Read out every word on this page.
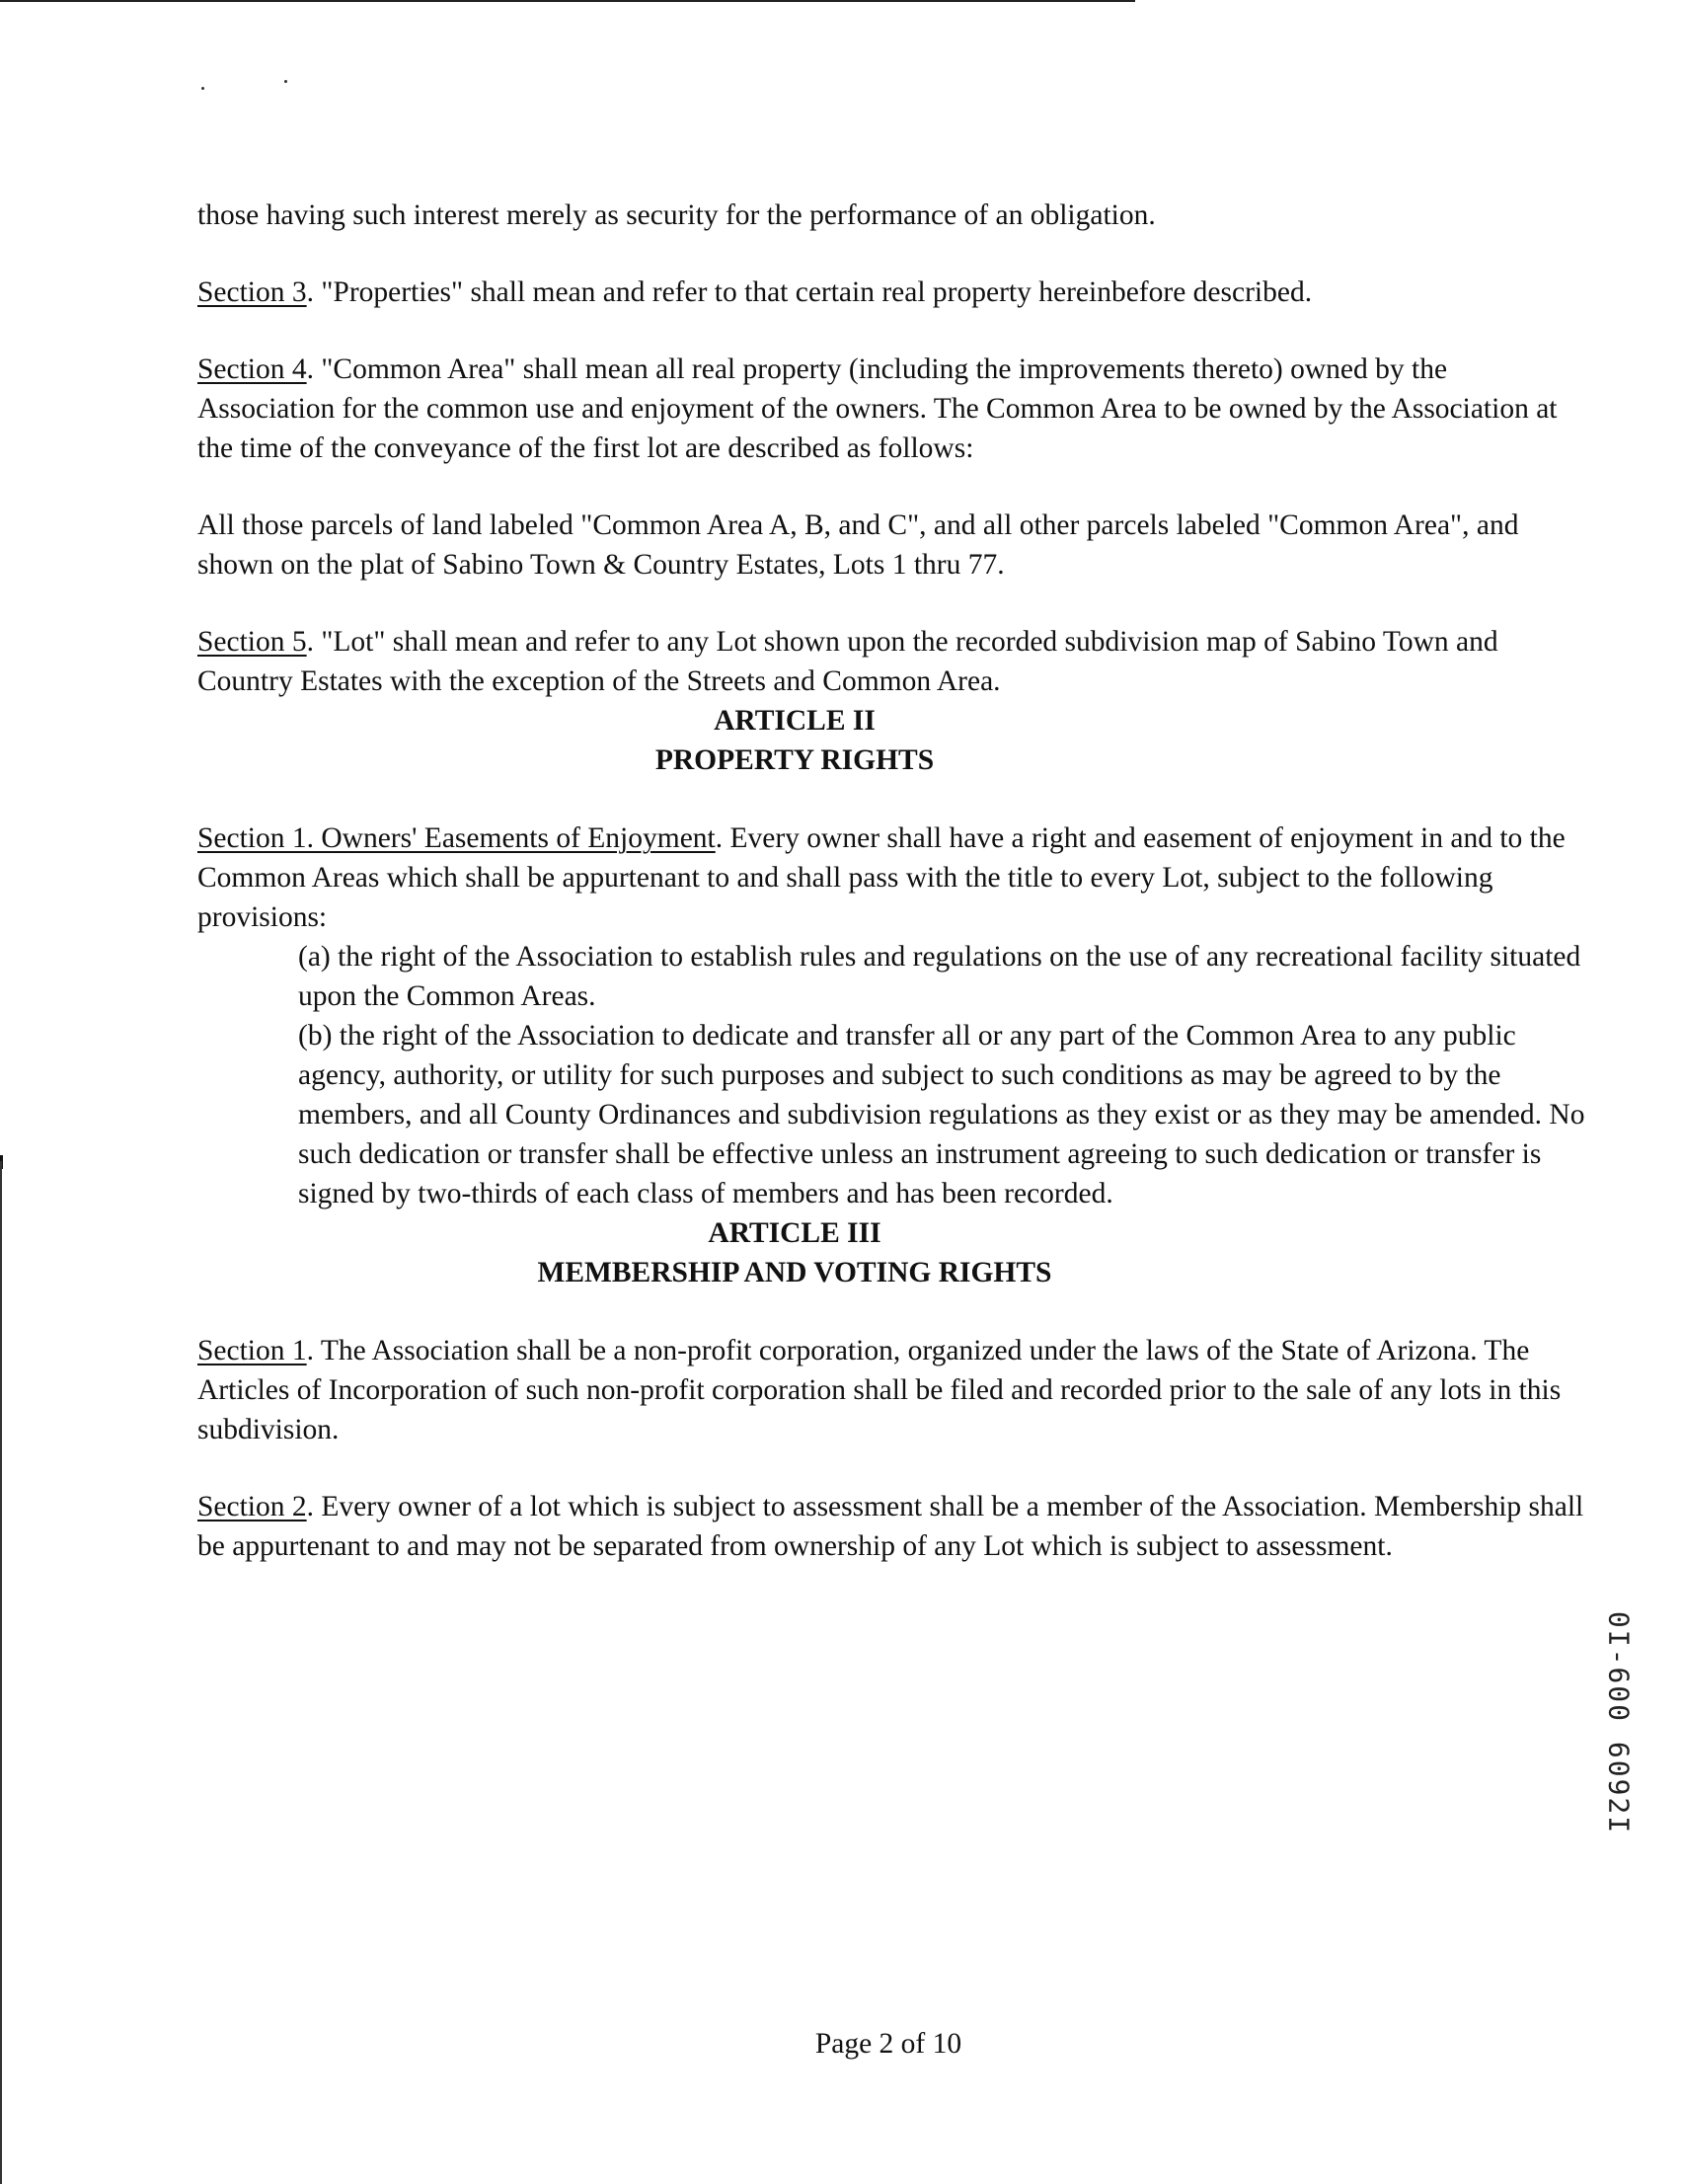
those having such interest merely as security for the performance of an obligation.

Section 3. "Properties" shall mean and refer to that certain real property hereinbefore described.

Section 4. "Common Area" shall mean all real property (including the improvements thereto) owned by the Association for the common use and enjoyment of the owners. The Common Area to be owned by the Association at the time of the conveyance of the first lot are described as follows:

All those parcels of land labeled "Common Area A, B, and C", and all other parcels labeled "Common Area", and shown on the plat of Sabino Town & Country Estates, Lots 1 thru 77.

Section 5. "Lot" shall mean and refer to any Lot shown upon the recorded subdivision map of Sabino Town and Country Estates with the exception of the Streets and Common Area.

ARTICLE II

PROPERTY RIGHTS

Section 1. Owners' Easements of Enjoyment. Every owner shall have a right and easement of enjoyment in and to the Common Areas which shall be appurtenant to and shall pass with the title to every Lot, subject to the following provisions:

(a) the right of the Association to establish rules and regulations on the use of any recreational facility situated upon the Common Areas.

(b) the right of the Association to dedicate and transfer all or any part of the Common Area to any public agency, authority, or utility for such purposes and subject to such conditions as may be agreed to by the members, and all County Ordinances and subdivision regulations as they exist or as they may be amended. No such dedication or transfer shall be effective unless an instrument agreeing to such dedication or transfer is signed by two-thirds of each class of members and has been recorded.

ARTICLE III

MEMBERSHIP AND VOTING RIGHTS

Section 1. The Association shall be a non-profit corporation, organized under the laws of the State of Arizona. The Articles of Incorporation of such non-profit corporation shall be filed and recorded prior to the sale of any lots in this subdivision.

Section 2. Every owner of a lot which is subject to assessment shall be a member of the Association. Membership shall be appurtenant to and may not be separated from ownership of any Lot which is subject to assessment.

0I-600 6092I
Page 2 of 10
